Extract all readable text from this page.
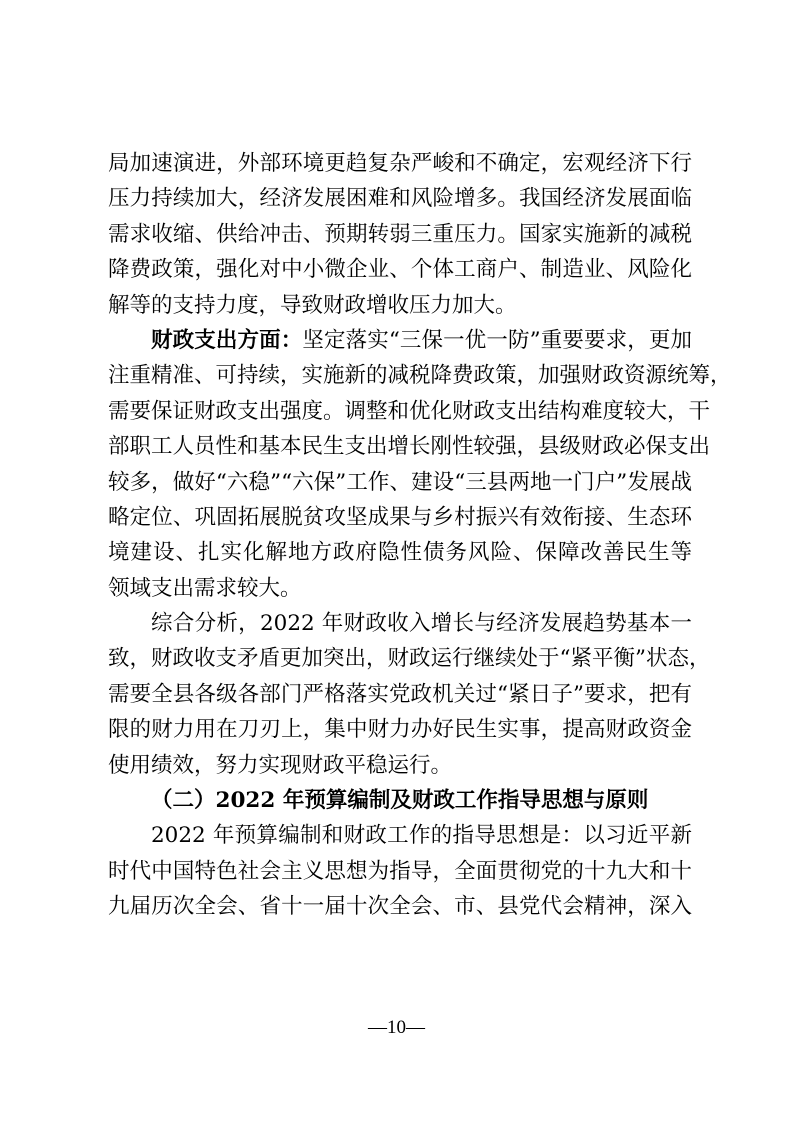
局加速演进，外部环境更趋复杂严峻和不确定，宏观经济下行
压力持续加大，经济发展困难和风险增多。我国经济发展面临
需求收缩、供给冲击、预期转弱三重压力。国家实施新的减税
降费政策，强化对中小微企业、个体工商户、制造业、风险化
解等的支持力度，导致财政增收压力加大。
财政支出方面：坚定落实“三保一优一防”重要要求，更加
注重精准、可持续，实施新的减税降费政策，加强财政资源统筹，
需要保证财政支出强度。调整和优化财政支出结构难度较大，干
部职工人员性和基本民生支出增长刚性较强，县级财政必保支出
较多，做好“六稳”“六保”工作、建设“三县两地一门户”发展战
略定位、巩固拓展脱贫攻坚成果与乡村振兴有效衔接、生态环
境建设、扎实化解地方政府隐性债务风险、保障改善民生等
领域支出需求较大。
综合分析，2022 年财政收入增长与经济发展趋势基本一
致，财政收支矛盾更加突出，财政运行继续处于“紧平衡”状态，
需要全县各级各部门严格落实党政机关过“紧日子”要求，把有
限的财力用在刀刃上，集中财力办好民生实事，提高财政资金
使用绩效，努力实现财政平稳运行。
（二）2022 年预算编制及财政工作指导思想与原则
2022 年预算编制和财政工作的指导思想是：以习近平新
时代中国特色社会主义思想为指导，全面贯彻党的十九大和十
九届历次全会、省十一届十次全会、市、县党代会精神，深入
—10—
